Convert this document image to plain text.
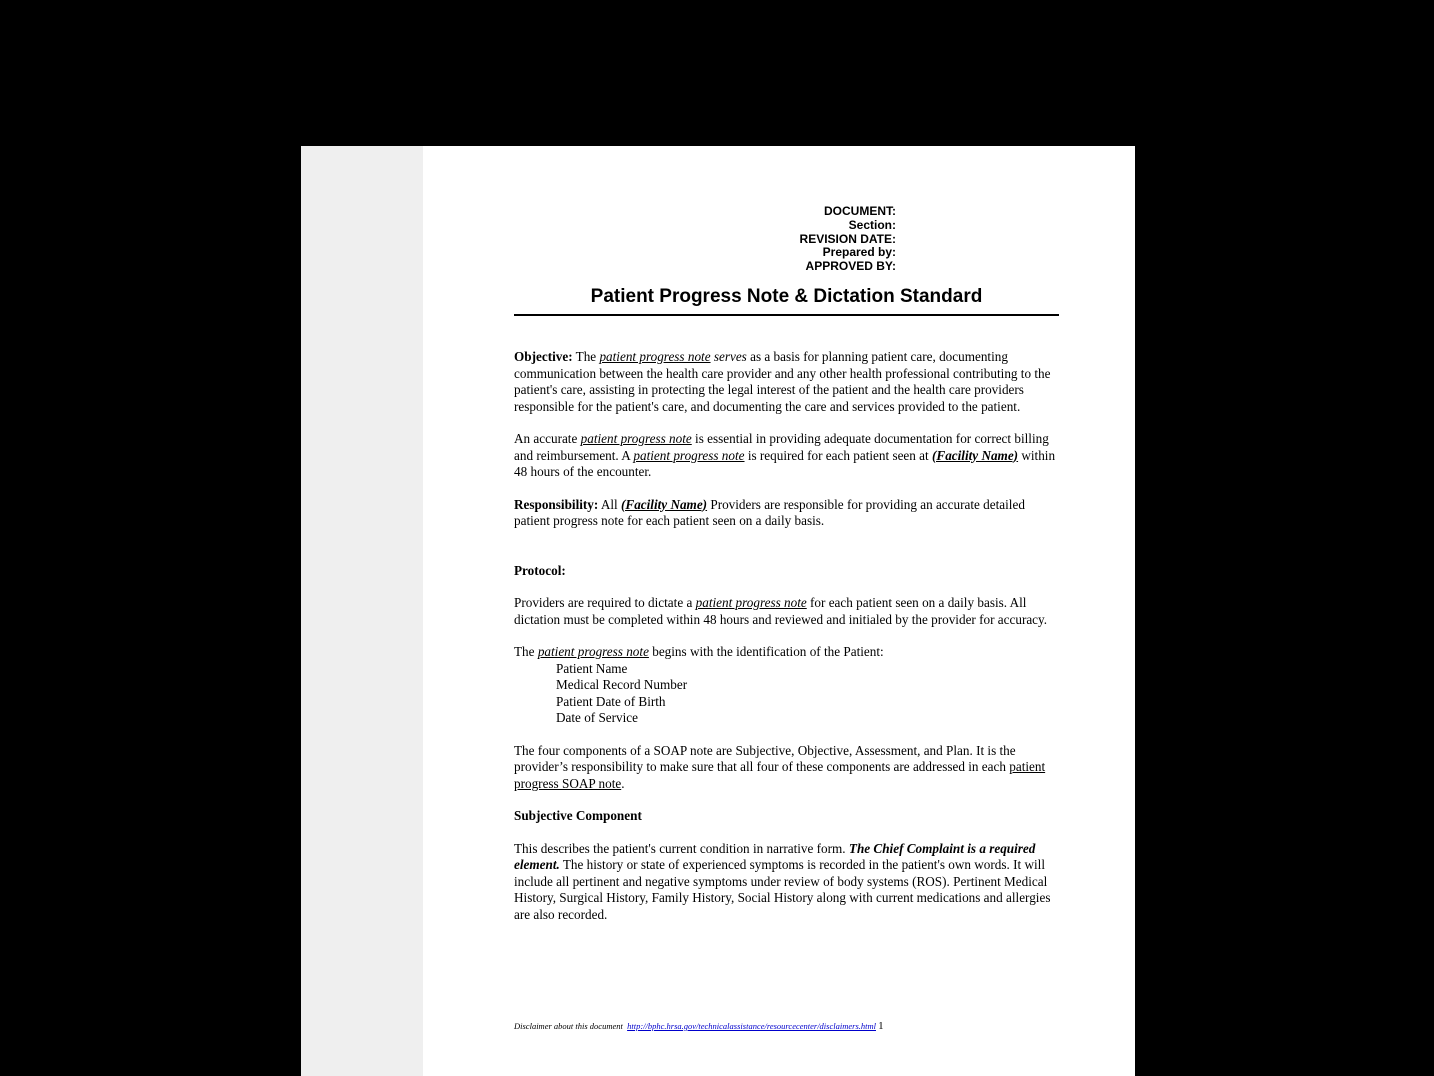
DOCUMENT:
Section:
REVISION DATE:
Prepared by:
APPROVED BY:
Patient Progress Note & Dictation Standard

Objective: The patient progress note serves as a basis for planning patient care, documenting communication between the health care provider and any other health professional contributing to the patient's care, assisting in protecting the legal interest of the patient and the health care providers responsible for the patient's care, and documenting the care and services provided to the patient.

An accurate patient progress note is essential in providing adequate documentation for correct billing and reimbursement. A patient progress note is required for each patient seen at (Facility Name) within 48 hours of the encounter.

Responsibility: All (Facility Name) Providers are responsible for providing an accurate detailed patient progress note for each patient seen on a daily basis.

Protocol:

Providers are required to dictate a patient progress note for each patient seen on a daily basis. All dictation must be completed within 48 hours and reviewed and initialed by the provider for accuracy.

The patient progress note begins with the identification of the Patient:

Patient Name
Medical Record Number
Patient Date of Birth
Date of Service

The four components of a SOAP note are Subjective, Objective, Assessment, and Plan. It is the provider’s responsibility to make sure that all four of these components are addressed in each patient progress SOAP note.

Subjective Component

This describes the patient's current condition in narrative form. The Chief Complaint is a required element. The history or state of experienced symptoms is recorded in the patient's own words. It will include all pertinent and negative symptoms under review of body systems (ROS). Pertinent Medical History, Surgical History, Family History, Social History along with current medications and allergies are also recorded.

Disclaimer about this document http://bphc.hrsa.gov/technicalassistance/resourcecenter/disclaimers.html 1
